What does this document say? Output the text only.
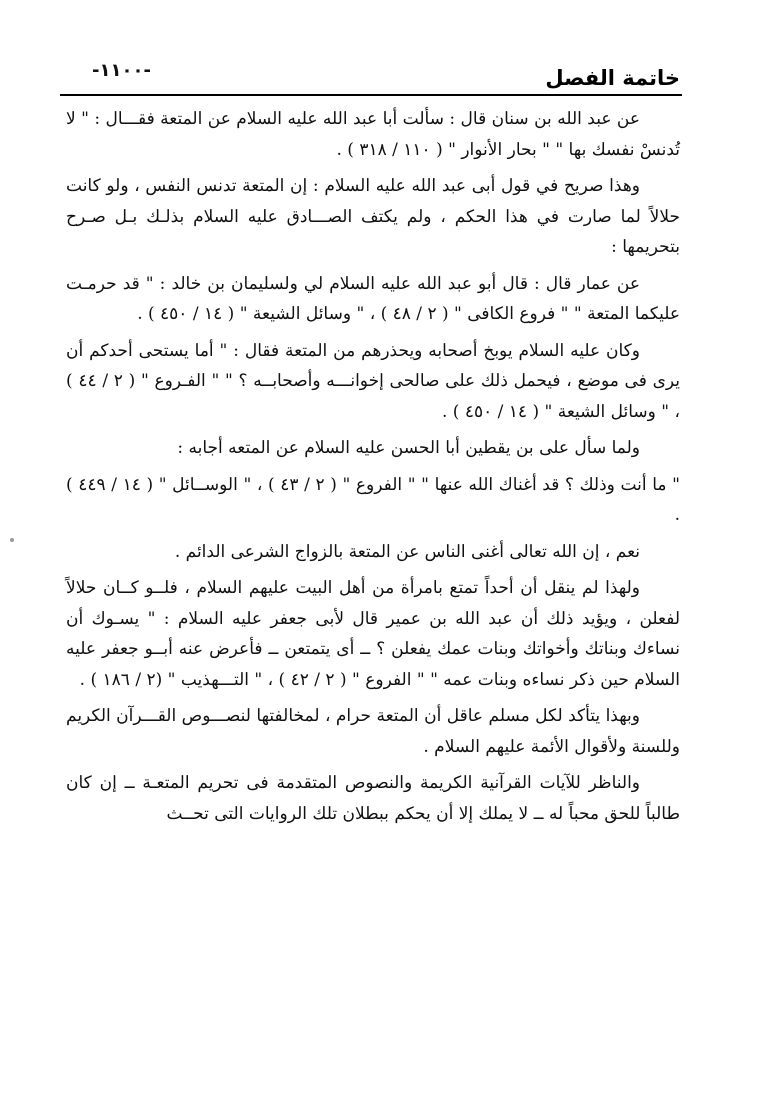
خاتمة الفصل
-١١٠٠-

عن عبد الله بن سنان قال : سألت أبا عبد الله عليه السلام عن المتعة فقـــال : " لا تُدنسْ نفسك بها " " بحار الأنوار " ( ١١٠ / ٣١٨ ) .

وهذا صريح في قول أبى عبد الله عليه السلام : إن المتعة تدنس النفس ، ولو كانت حلالاً لما صارت في هذا الحكم ، ولم يكتف الصـــادق عليه السلام بذلـك بـل صـرح بتحريمها :

عن عمار قال : قال أبو عبد الله عليه السلام لي ولسليمان بن خالد : " قد حرمـت عليكما المتعة " " فروع الكافى " ( ٢ / ٤٨ ) ، " وسائل الشيعة " ( ١٤ / ٤٥٠ ) .

وكان عليه السلام يوبخ أصحابه ويحذرهم من المتعة فقال : " أما يستحى أحدكم أن يرى فى موضع ، فيحمل ذلك على صالحى إخوانـــه وأصحابــه ؟ " " الفـروع " ( ٢ / ٤٤ ) ، " وسائل الشيعة " ( ١٤ / ٤٥٠ ) .

ولما سأل على بن يقطين أبا الحسن عليه السلام عن المتعه أجابه :

" ما أنت وذلك ؟ قد أغناك الله عنها " " الفروع " ( ٢ / ٤٣ ) ، " الوســائل " ( ١٤ / ٤٤٩ ) .

نعم ، إن الله تعالى أغنى الناس عن المتعة بالزواج الشرعى الدائم .

ولهذا لم ينقل أن أحداً تمتع بامرأة من أهل البيت عليهم السلام ، فلــو كــان حلالاً لفعلن ، ويؤيد ذلك أن عبد الله بن عمير قال لأبى جعفر عليه السلام : " يسـوك أن نساءك وبناتك وأخواتك وبنات عمك يفعلن ؟ ــ أى يتمتعن ــ فأعرض عنه أبــو جعفر عليه السلام حين ذكر نساءه وبنات عمه " " الفروع " ( ٢ / ٤٢ ) ، " التـــهذيب " (٢ / ١٨٦ ) .

وبهذا يتأكد لكل مسلم عاقل أن المتعة حرام ، لمخالفتها لنصـــوص القـــرآن الكريم وللسنة ولأقوال الأئمة عليهم السلام .

والناظر للآيات القرآنية الكريمة والنصوص المتقدمة فى تحريم المتعـة ــ إن كان طالباً للحق محباً له ــ لا يملك إلا أن يحكم ببطلان تلك الروايات التى تحــث
